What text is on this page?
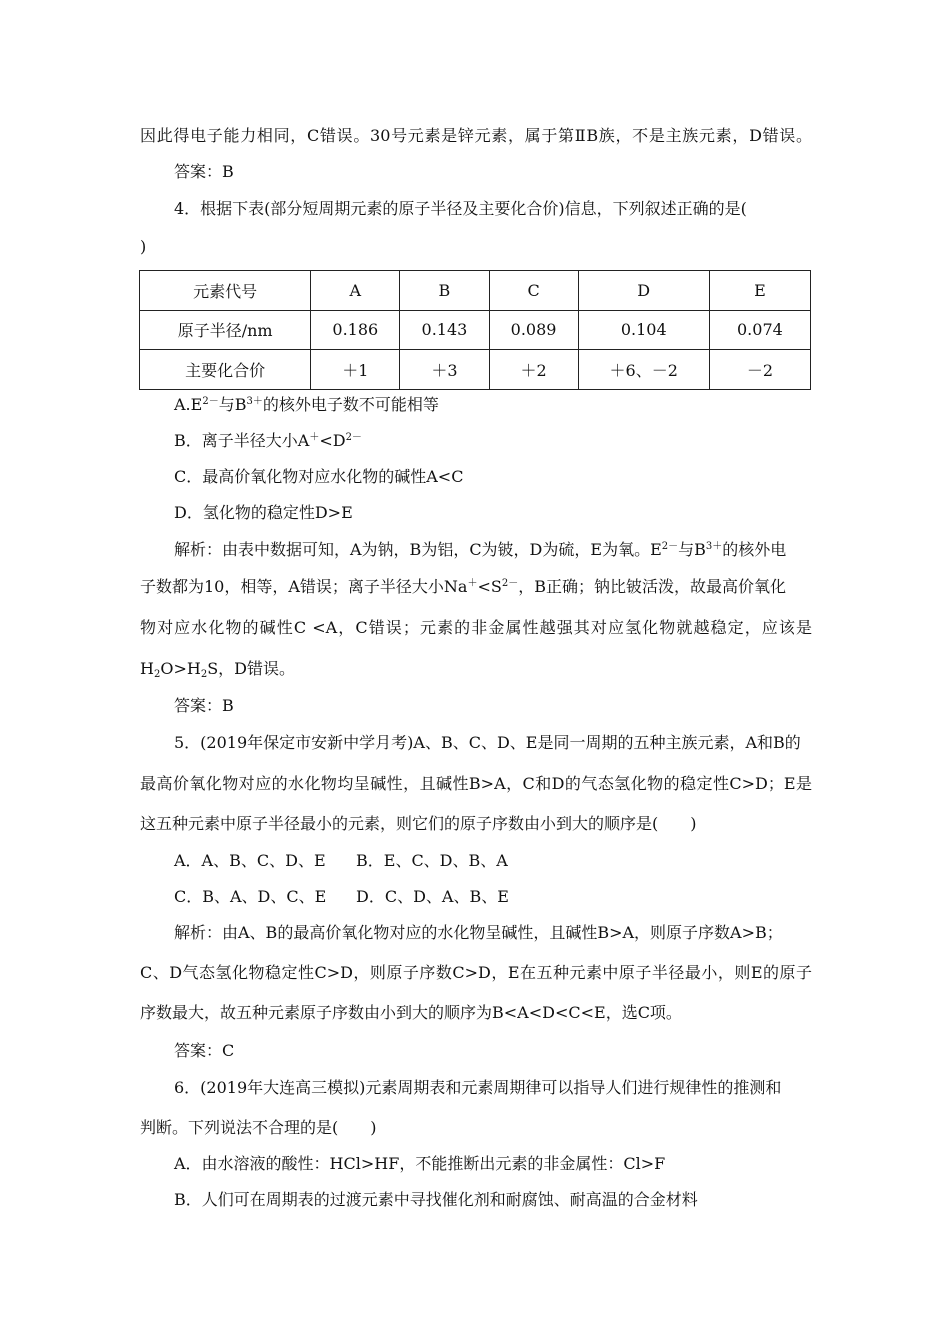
因此得电子能力相同，C错误。30号元素是锌元素，属于第ⅡB族，不是主族元素，D错误。
答案：B
4．根据下表(部分短周期元素的原子半径及主要化合价)信息，下列叙述正确的是(
)
元素代号	A	B	C	D	E
原子半径/nm	0.186	0.143	0.089	0.104	0.074
主要化合价	＋1	＋3	＋2	＋6、－2	－2
$A.E^{2-}$与$B^{3+}$的核外电子数不可能相等
B．离子半径大小$A^+<D^{2-}$
C．最高价氧化物对应水化物的碱性A<C
D．氢化物的稳定性D>E
解析：由表中数据可知，A为钠，B为铝，C为铍，D为硫，E为氧。$E^{2-}$与$B^{3+}$的核外电
子数都为10，相等，A错误；离子半径大小$Na^+<S^{2-}$，B正确；钠比铍活泼，故最高价氧化
物对应水化物的碱性C <A，C错误；元素的非金属性越强其对应氢化物就越稳定，应该是
$H_2O>H_2S$，D错误。
答案：B
5．(2019年保定市安新中学月考)A、B、C、D、E是同一周期的五种主族元素，A和B的
最高价氧化物对应的水化物均呈碱性，且碱性B>A，C和D的气态氢化物的稳定性C>D；E是
这五种元素中原子半径最小的元素，则它们的原子序数由小到大的顺序是(　　)
A．A、B、C、D、E B．E、C、D、B、A
C．B、A、D、C、E D．C、D、A、B、E
解析：由A、B的最高价氧化物对应的水化物呈碱性，且碱性B>A，则原子序数A>B；
C、D气态氢化物稳定性C>D，则原子序数C>D，E在五种元素中原子半径最小，则E的原子
序数最大，故五种元素原子序数由小到大的顺序为B<A<D<C<E，选C项。
答案：C
6．(2019年大连高三模拟)元素周期表和元素周期律可以指导人们进行规律性的推测和
判断。下列说法不合理的是(　　)
A．由水溶液的酸性：HCl>HF，不能推断出元素的非金属性：Cl>F
B．人们可在周期表的过渡元素中寻找催化剂和耐腐蚀、耐高温的合金材料
